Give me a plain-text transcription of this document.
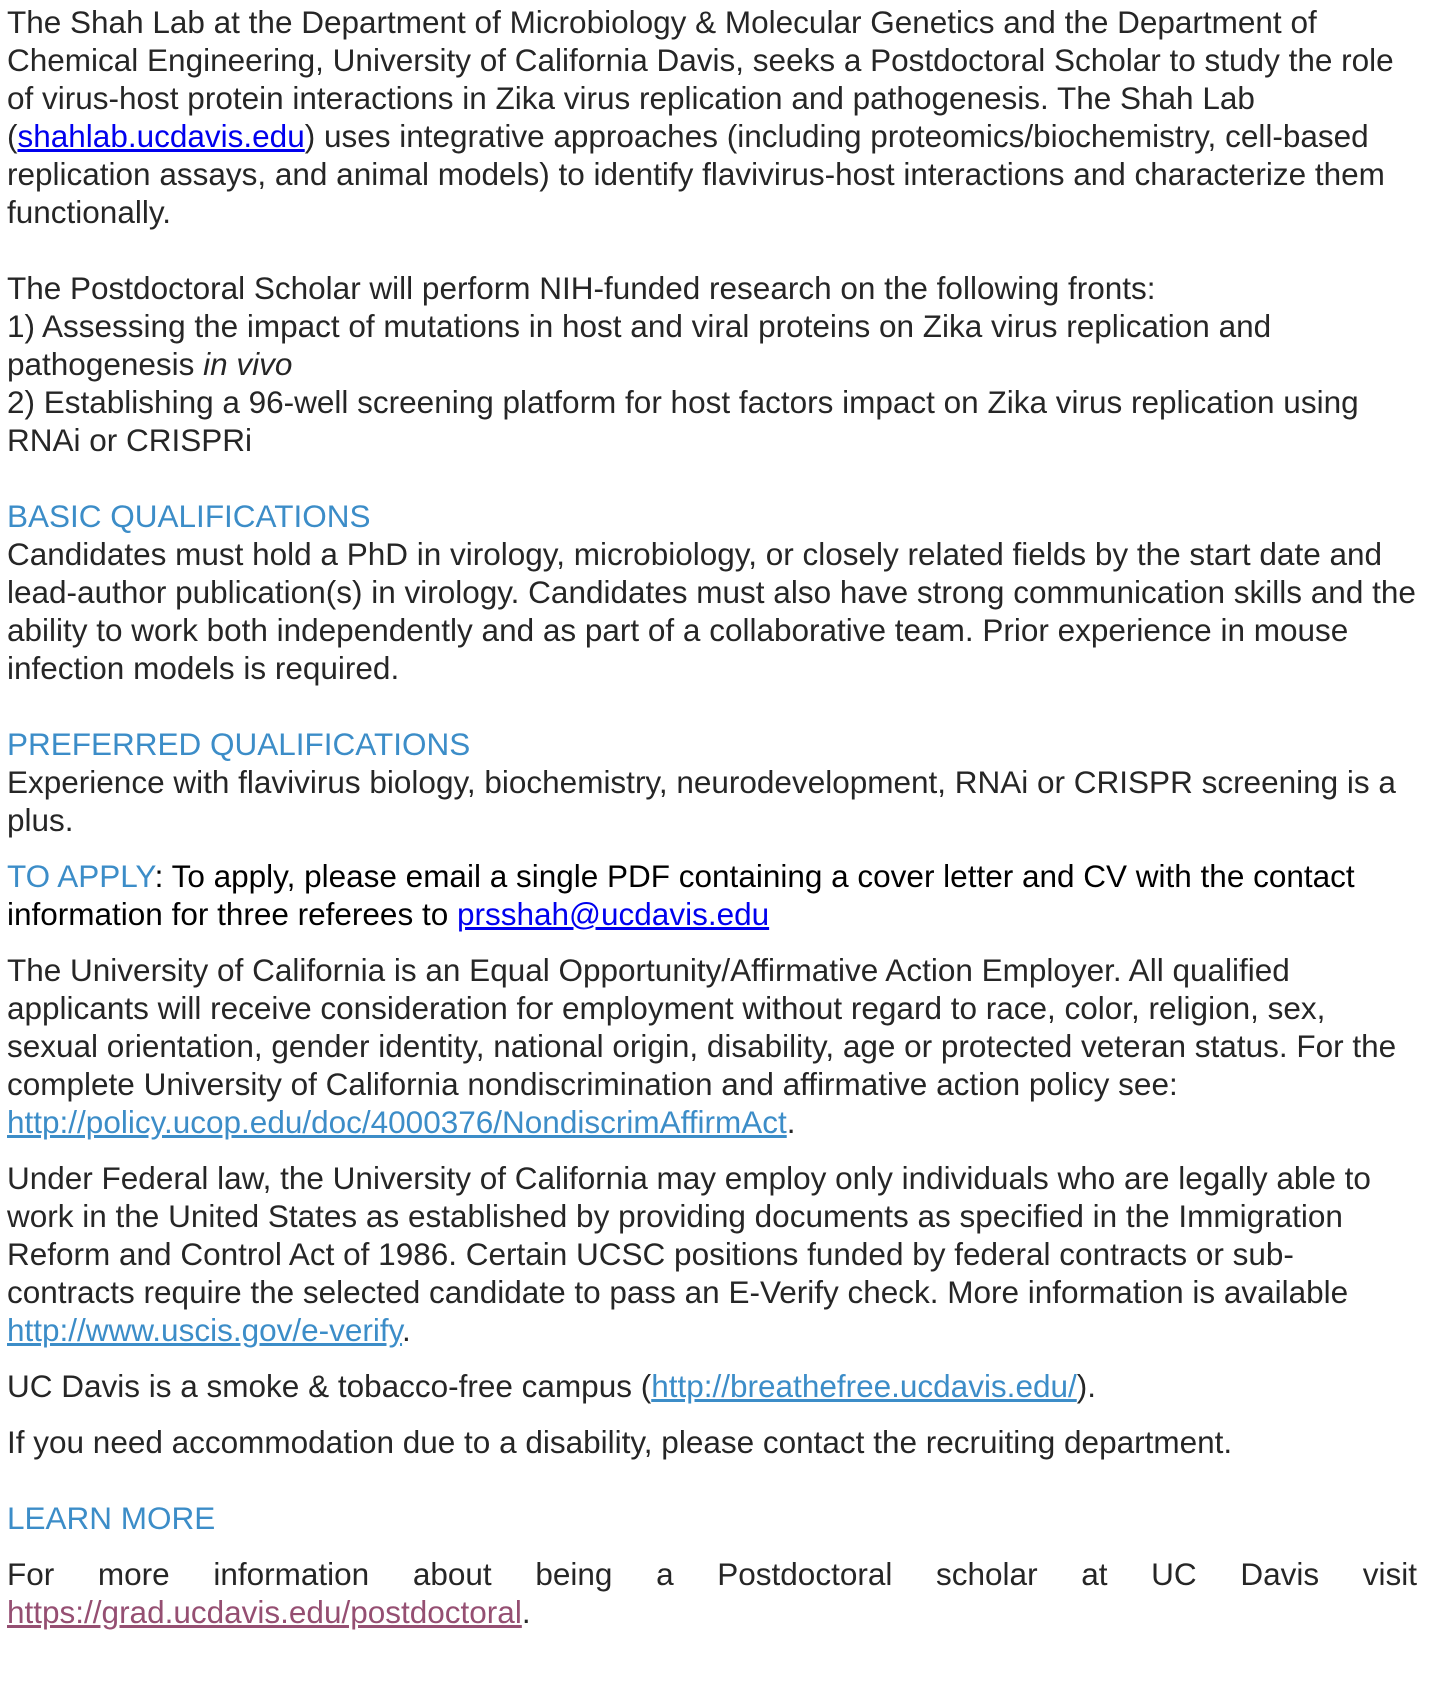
The Shah Lab at the Department of Microbiology & Molecular Genetics and the Department of Chemical Engineering, University of California Davis, seeks a Postdoctoral Scholar to study the role of virus-host protein interactions in Zika virus replication and pathogenesis. The Shah Lab (shahlab.ucdavis.edu) uses integrative approaches (including proteomics/biochemistry, cell-based replication assays, and animal models) to identify flavivirus-host interactions and characterize them functionally.

The Postdoctoral Scholar will perform NIH-funded research on the following fronts:

1) Assessing the impact of mutations in host and viral proteins on Zika virus replication and pathogenesis in vivo

2) Establishing a 96-well screening platform for host factors impact on Zika virus replication using RNAi or CRISPRi

BASIC QUALIFICATIONS

Candidates must hold a PhD in virology, microbiology, or closely related fields by the start date and lead-author publication(s) in virology. Candidates must also have strong communication skills and the ability to work both independently and as part of a collaborative team. Prior experience in mouse infection models is required.

PREFERRED QUALIFICATIONS

Experience with flavivirus biology, biochemistry, neurodevelopment, RNAi or CRISPR screening is a plus.

TO APPLY: To apply, please email a single PDF containing a cover letter and CV with the contact information for three referees to prsshah@ucdavis.edu

The University of California is an Equal Opportunity/Affirmative Action Employer. All qualified applicants will receive consideration for employment without regard to race, color, religion, sex, sexual orientation, gender identity, national origin, disability, age or protected veteran status. For the complete University of California nondiscrimination and affirmative action policy see: http://policy.ucop.edu/doc/4000376/NondiscrimAffirmAct.

Under Federal law, the University of California may employ only individuals who are legally able to work in the United States as established by providing documents as specified in the Immigration Reform and Control Act of 1986. Certain UCSC positions funded by federal contracts or sub-contracts require the selected candidate to pass an E-Verify check. More information is available http://www.uscis.gov/e-verify.

UC Davis is a smoke & tobacco-free campus (http://breathefree.ucdavis.edu/).

If you need accommodation due to a disability, please contact the recruiting department.

LEARN MORE

For more information about being a Postdoctoral scholar at UC Davis visit

https://grad.ucdavis.edu/postdoctoral.
